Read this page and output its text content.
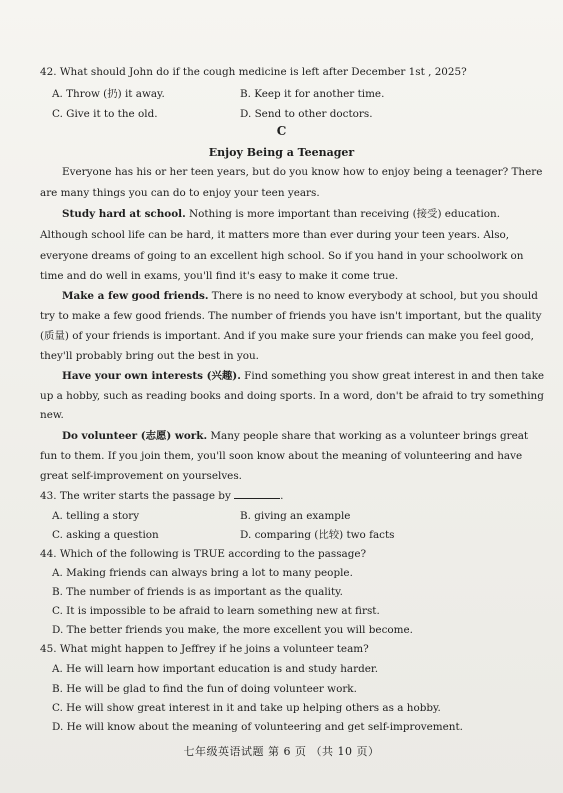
42. What should John do if the cough medicine is left after December 1st , 2025?
A. Throw (扔) it away.	B. Keep it for another time.
C. Give it to the old.	D. Send to other doctors.
C
Enjoy Being a Teenager
Everyone has his or her teen years, but do you know how to enjoy being a teenager? There
are many things you can do to enjoy your teen years.
Study hard at school. Nothing is more important than receiving (接受) education.
Although school life can be hard, it matters more than ever during your teen years. Also,
everyone dreams of going to an excellent high school. So if you hand in your schoolwork on
time and do well in exams, you'll find it's easy to make it come true.
Make a few good friends. There is no need to know everybody at school, but you should
try to make a few good friends. The number of friends you have isn't important, but the quality
(质量) of your friends is important. And if you make sure your friends can make you feel good,
they'll probably bring out the best in you.
Have your own interests (兴趣). Find something you show great interest in and then take
up a hobby, such as reading books and doing sports. In a word, don't be afraid to try something
new.
Do volunteer (志愿) work. Many people share that working as a volunteer brings great
fun to them. If you join them, you'll soon know about the meaning of volunteering and have
great self-improvement on yourselves.
43. The writer starts the passage by	.
A. telling a story	B. giving an example
C. asking a question	D. comparing (比较) two facts
44. Which of the following is TRUE according to the passage?
A. Making friends can always bring a lot to many people.
B. The number of friends is as important as the quality.
C. It is impossible to be afraid to learn something new at first.
D. The better friends you make, the more excellent you will become.
45. What might happen to Jeffrey if he joins a volunteer team?
A. He will learn how important education is and study harder.
B. He will be glad to find the fun of doing volunteer work.
C. He will show great interest in it and take up helping others as a hobby.
D. He will know about the meaning of volunteering and get self-improvement.
七年级英语试题 第 6 页 （共 10 页）
